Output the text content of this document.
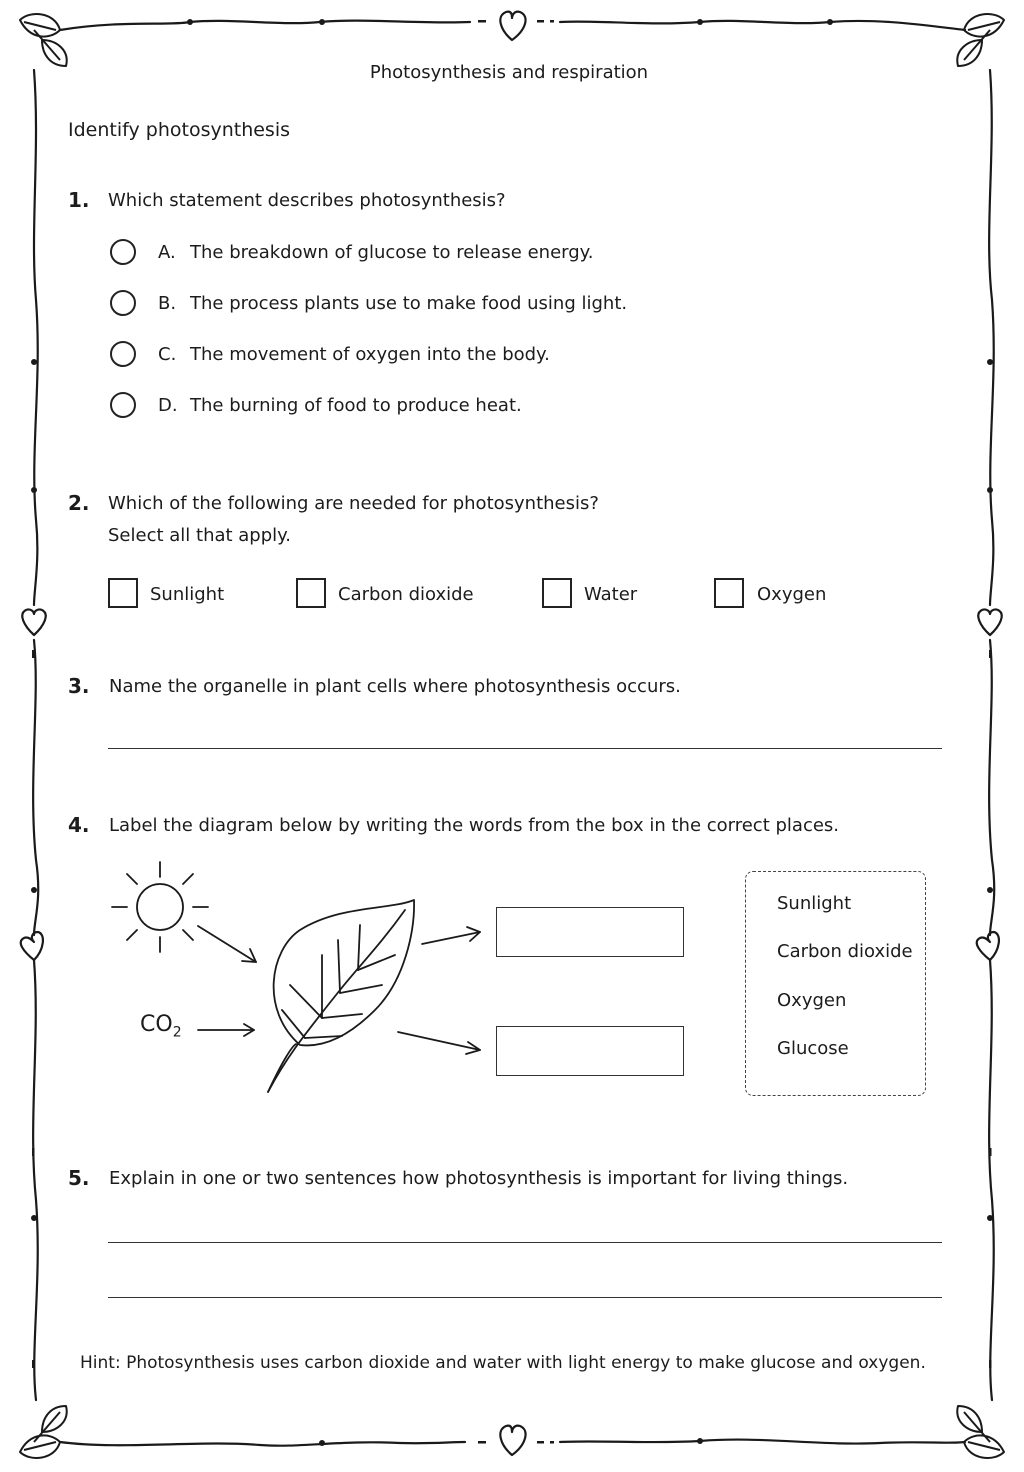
Photosynthesis and respiration
Identify photosynthesis
1. Which statement describes photosynthesis?
A. The breakdown of glucose to release energy.
B. The process plants use to make food using light.
C. The movement of oxygen into the body.
D. The burning of food to produce heat.
2. Which of the following are needed for photosynthesis?
Select all that apply.
Sunlight	Carbon dioxide	Water	Oxygen
3. Name the organelle in plant cells where photosynthesis occurs.
4. Label the diagram below by writing the words from the box in the correct places.
$CO_2$
Sunlight
Carbon dioxide
Oxygen
Glucose
5. Explain in one or two sentences how photosynthesis is important for living things.
Hint: Photosynthesis uses carbon dioxide and water with light energy to make glucose and oxygen.
